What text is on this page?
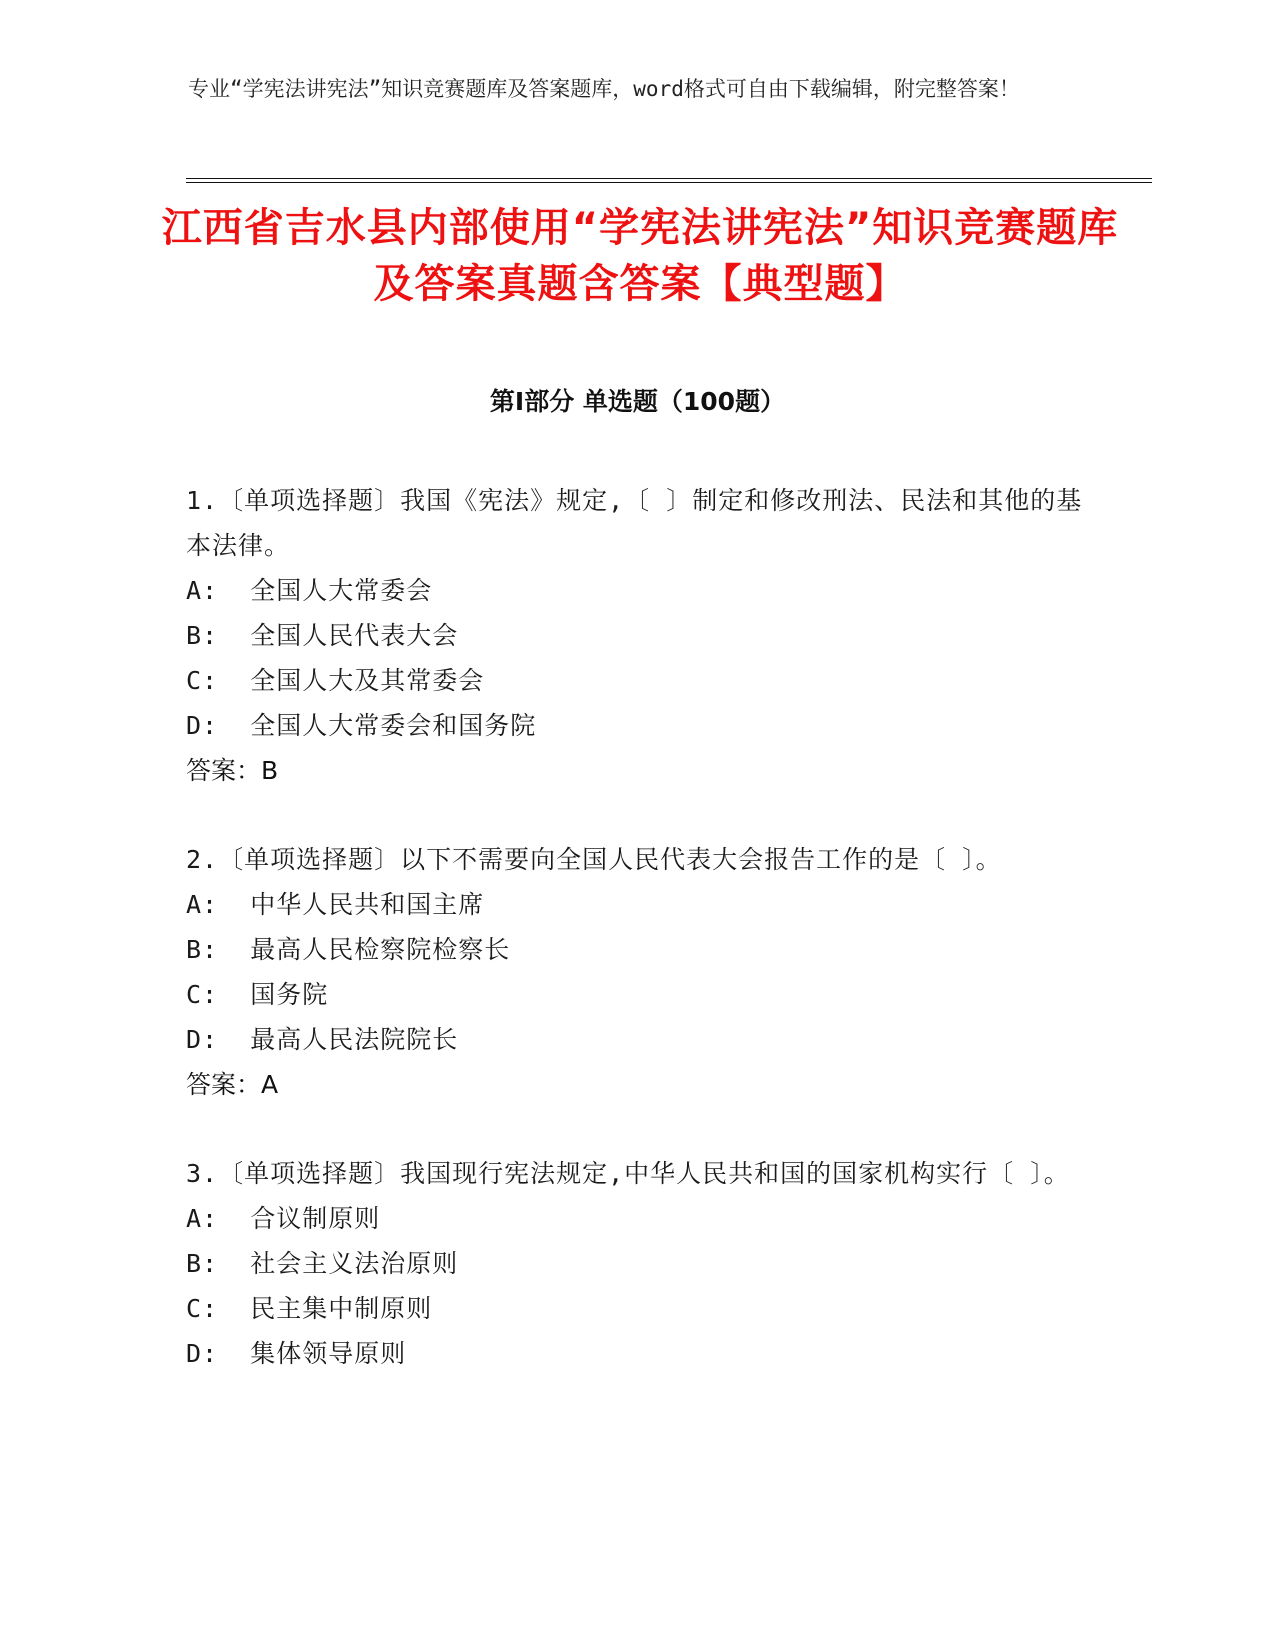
专业“学宪法讲宪法”知识竞赛题库及答案题库，word格式可自由下载编辑，附完整答案！
江西省吉水县内部使用“学宪法讲宪法”知识竞赛题库及答案真题含答案【典型题】
第Ⅰ部分 单选题（100题）
1.〔单项选择题〕我国《宪法》规定,〔 〕制定和修改刑法、民法和其他的基本法律。
A:  全国人大常委会
B:  全国人民代表大会
C:  全国人大及其常委会
D:  全国人大常委会和国务院
答案：B
2.〔单项选择题〕以下不需要向全国人民代表大会报告工作的是〔 〕。
A:  中华人民共和国主席
B:  最高人民检察院检察长
C:  国务院
D:  最高人民法院院长
答案：A
3.〔单项选择题〕我国现行宪法规定,中华人民共和国的国家机构实行〔 〕。
A:  合议制原则
B:  社会主义法治原则
C:  民主集中制原则
D:  集体领导原则
